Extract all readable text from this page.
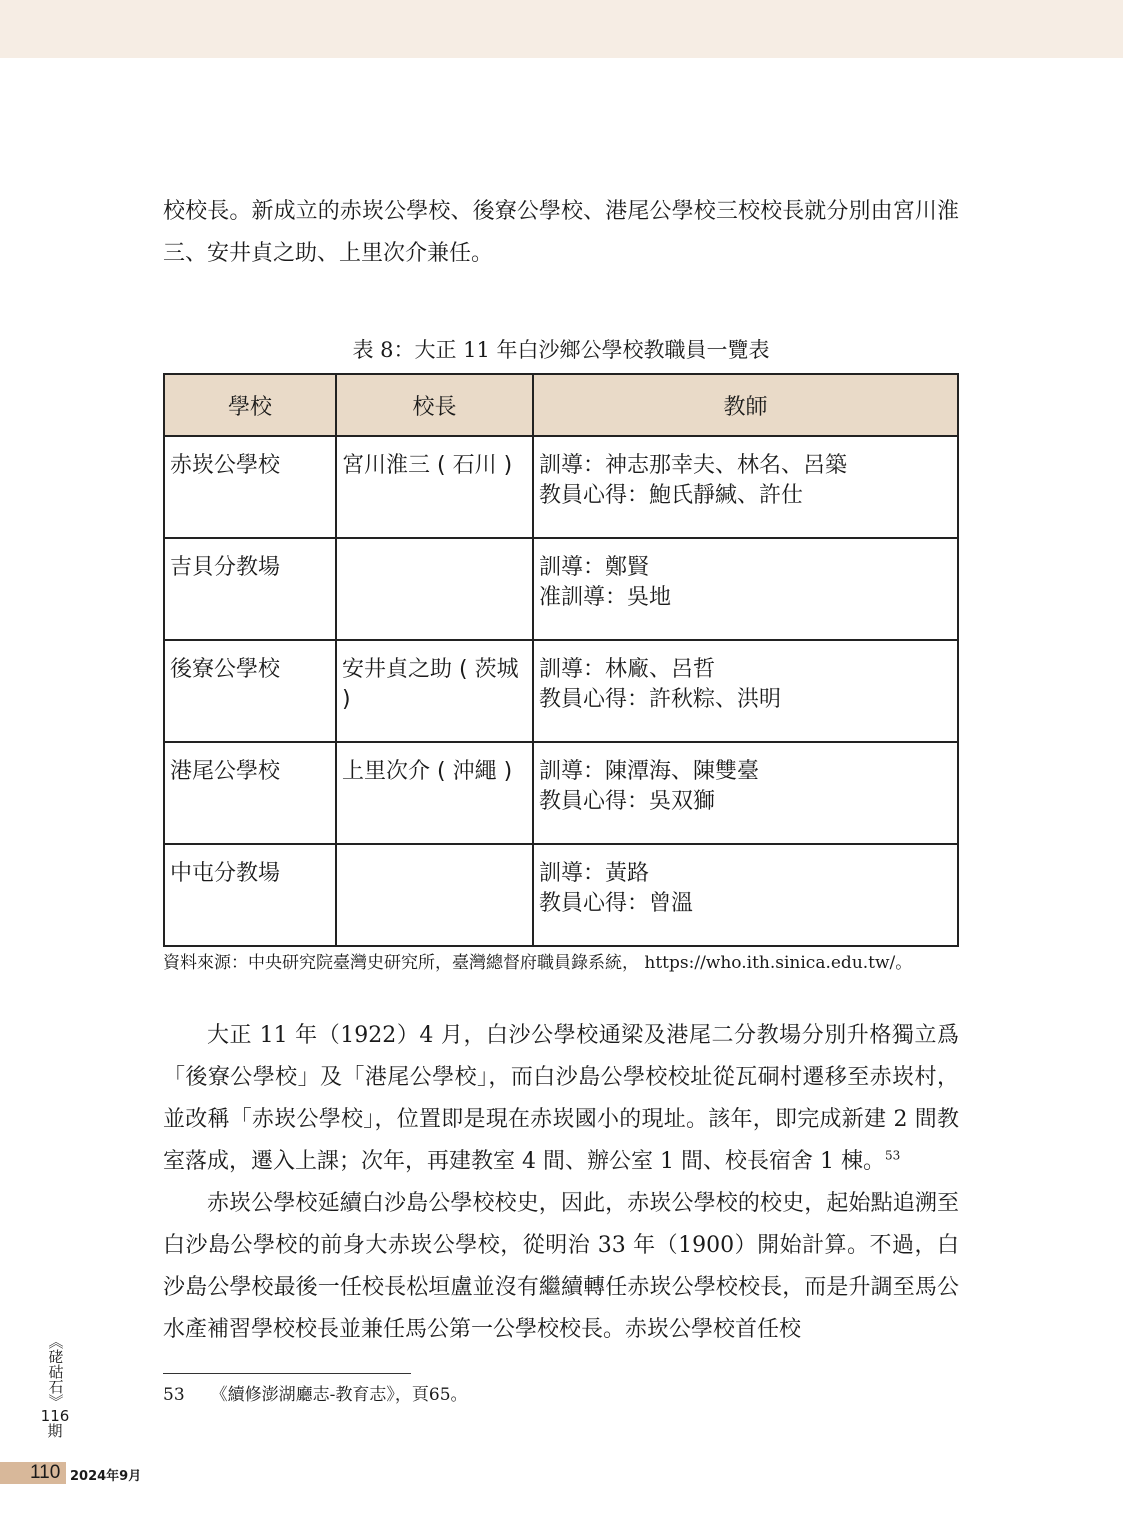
校校長。新成立的赤崁公學校、後寮公學校、港尾公學校三校校長就分別由宮川淮三、安井貞之助、上里次介兼任。

表 8：大正 11 年白沙鄉公學校教職員一覽表
學校	校長	教師
赤崁公學校	宮川淮三 ( 石川 )	訓導：神志那幸夫、林名、呂築
教員心得：鮑氏靜緘、許仕

吉貝分教場		訓導：鄭賢
准訓導：吳地

後寮公學校	安井貞之助 ( 茨城 )	訓導：林廠、呂哲
教員心得：許秋粽、洪明

港尾公學校	上里次介 ( 沖繩 )	訓導：陳潭海、陳雙臺
教員心得：吳双獅

中屯分教場		訓導：黃路
教員心得：曾溫
資料來源：中央研究院臺灣史研究所，臺灣總督府職員錄系統， https://who.ith.sinica.edu.tw/。

大正 11 年（1922）4 月，白沙公學校通梁及港尾二分教場分別升格獨立爲「後寮公學校」及「港尾公學校」，而白沙島公學校校址從瓦硐村遷移至赤崁村，並改稱「赤崁公學校」，位置即是現在赤崁國小的現址。該年，即完成新建 2 間教室落成，遷入上課；次年，再建教室 4 間、辦公室 1 間、校長宿舍 1 棟。$^{53}$

赤崁公學校延續白沙島公學校校史，因此，赤崁公學校的校史，起始點追溯至白沙島公學校的前身大赤崁公學校，從明治 33 年（1900）開始計算。不過，白沙島公學校最後一任校長松垣盧並沒有繼續轉任赤崁公學校校長，而是升調至馬公水產補習學校校長並兼任馬公第一公學校校長。赤崁公學校首任校

53 《續修澎湖廳志-教育志》，頁65。
《硓𥑮石》
116
期
110 2024年9月
